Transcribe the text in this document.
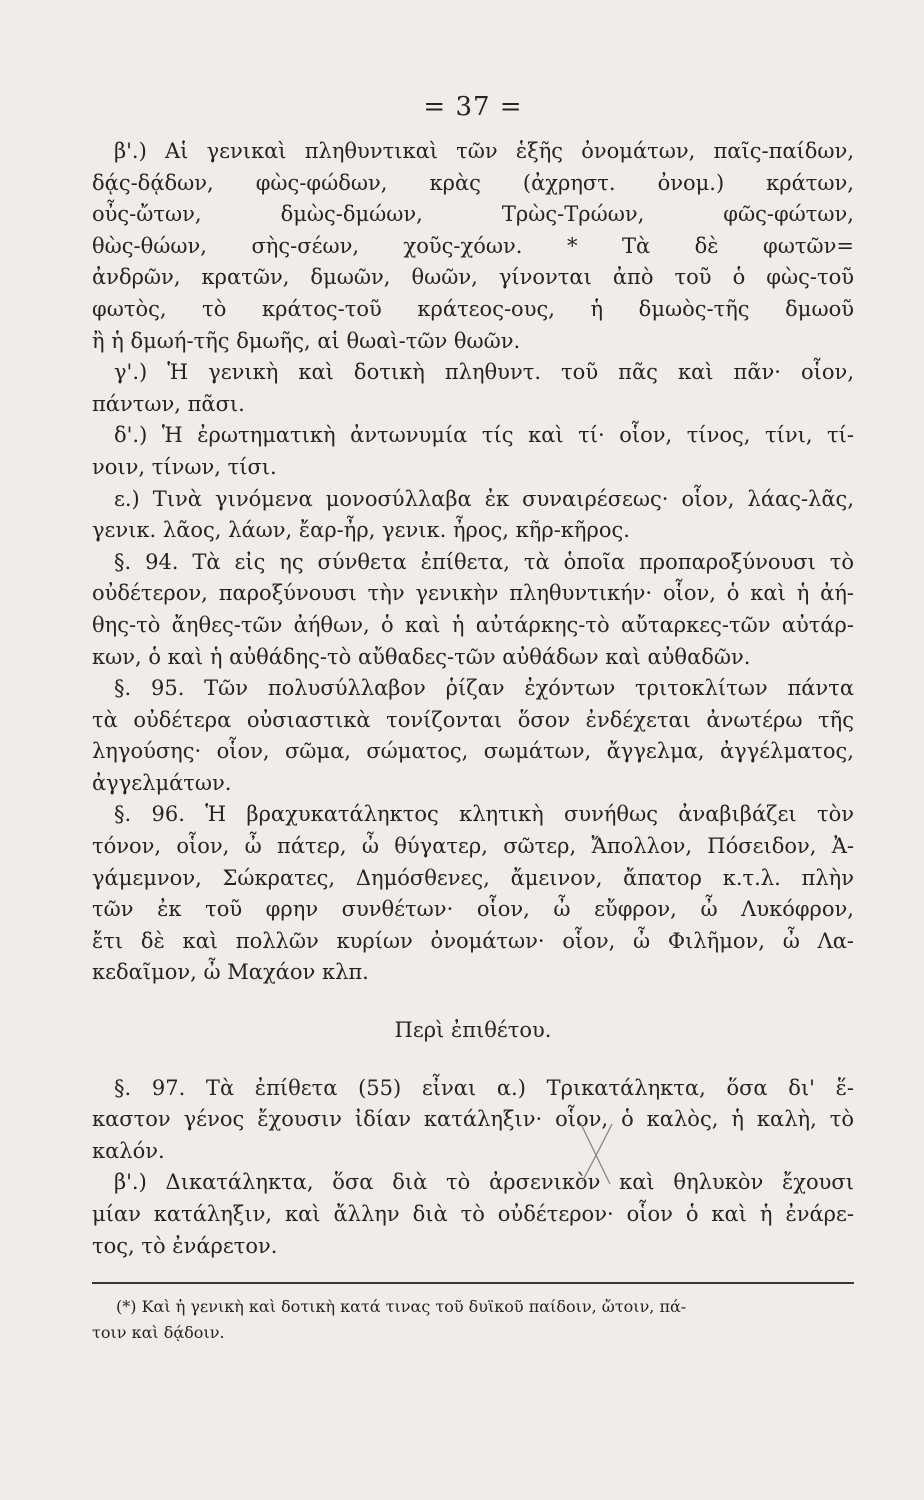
= 37 =
β'.) Αἱ γενικαὶ πληθυντικαὶ τῶν ἑξῆς ὀνομάτων, παῖς-παίδων,
δᾴς-δᾴδων, φὼς-φώδων, κρὰς (ἀχρηστ. ὀνομ.) κράτων,
οὖς-ὤτων, δμὼς-δμώων, Τρὼς-Τρώων, φῶς-φώτων,
θὼς-θώων, σὴς-σέων, χοῦς-χόων. * Τὰ δὲ φωτῶν=
ἀνδρῶν, κρατῶν, δμωῶν, θωῶν, γίνονται ἀπὸ τοῦ ὁ φὼς-τοῦ
φωτὸς, τὸ κράτος-τοῦ κράτεος-ους, ἡ δμωὸς-τῆς δμωοῦ
ἢ ἡ δμωή-τῆς δμωῆς, αἱ θωαὶ-τῶν θωῶν.
γ'.) Ἡ γενικὴ καὶ δοτικὴ πληθυντ. τοῦ πᾶς καὶ πᾶν· οἷον,
πάντων, πᾶσι.
δ'.) Ἡ ἐρωτηματικὴ ἀντωνυμία τίς καὶ τί· οἷον, τίνος, τίνι, τί-
νοιν, τίνων, τίσι.
ε.) Τινὰ γινόμενα μονοσύλλαβα ἐκ συναιρέσεως· οἷον, λάας-λᾶς,
γενικ. λᾶος, λάων, ἔαρ-ἦρ, γενικ. ἦρος, κῆρ-κῆρος.
§. 94. Τὰ εἰς ης σύνθετα ἐπίθετα, τὰ ὁποῖα προπαροξύνουσι τὸ
οὐδέτερον, παροξύνουσι τὴν γενικὴν πληθυντικήν· οἷον, ὁ καὶ ἡ ἀή-
θης-τὸ ἄηθες-τῶν ἀήθων, ὁ καὶ ἡ αὐτάρκης-τὸ αὔταρκες-τῶν αὐτάρ-
κων, ὁ καὶ ἡ αὐθάδης-τὸ αὔθαδες-τῶν αὐθάδων καὶ αὐθαδῶν.
§. 95. Τῶν πολυσύλλαβον ῥίζαν ἐχόντων τριτοκλίτων πάντα
τὰ οὐδέτερα οὐσιαστικὰ τονίζονται ὅσον ἐνδέχεται ἀνωτέρω τῆς
ληγούσης· οἷον, σῶμα, σώματος, σωμάτων, ἄγγελμα, ἀγγέλματος,
ἀγγελμάτων.
§. 96. Ἡ βραχυκατάληκτος κλητικὴ συνήθως ἀναβιβάζει τὸν
τόνον, οἷον, ὦ πάτερ, ὦ θύγατερ, σῶτερ, Ἄπολλον, Πόσειδον, Ἀ-
γάμεμνον, Σώκρατες, Δημόσθενες, ἄμεινον, ἄπατορ κ.τ.λ. πλὴν
τῶν ἐκ τοῦ φρην συνθέτων· οἷον, ὦ εὔφρον, ὦ Λυκόφρον,
ἔτι δὲ καὶ πολλῶν κυρίων ὀνομάτων· οἷον, ὦ Φιλῆμον, ὦ Λα-
κεδαῖμον, ὦ Μαχάον κλπ.
Περὶ ἐπιθέτου.
§. 97. Τὰ ἐπίθετα (55) εἶναι α.) Τρικατάληκτα, ὅσα δι' ἕ-
καστον γένος ἔχουσιν ἰδίαν κατάληξιν· οἷον, ὁ καλὸς, ἡ καλὴ, τὸ
καλόν.
β'.) Δικατάληκτα, ὅσα διὰ τὸ ἀρσενικὸν καὶ θηλυκὸν ἔχουσι
μίαν κατάληξιν, καὶ ἄλλην διὰ τὸ οὐδέτερον· οἷον ὁ καὶ ἡ ἐνάρε-
τος, τὸ ἐνάρετον.
(*) Καὶ ἡ γενικὴ καὶ δοτικὴ κατά τινας τοῦ δυϊκοῦ παίδοιν, ὤτοιν, πά-
τοιν καὶ δᾴδοιν.
